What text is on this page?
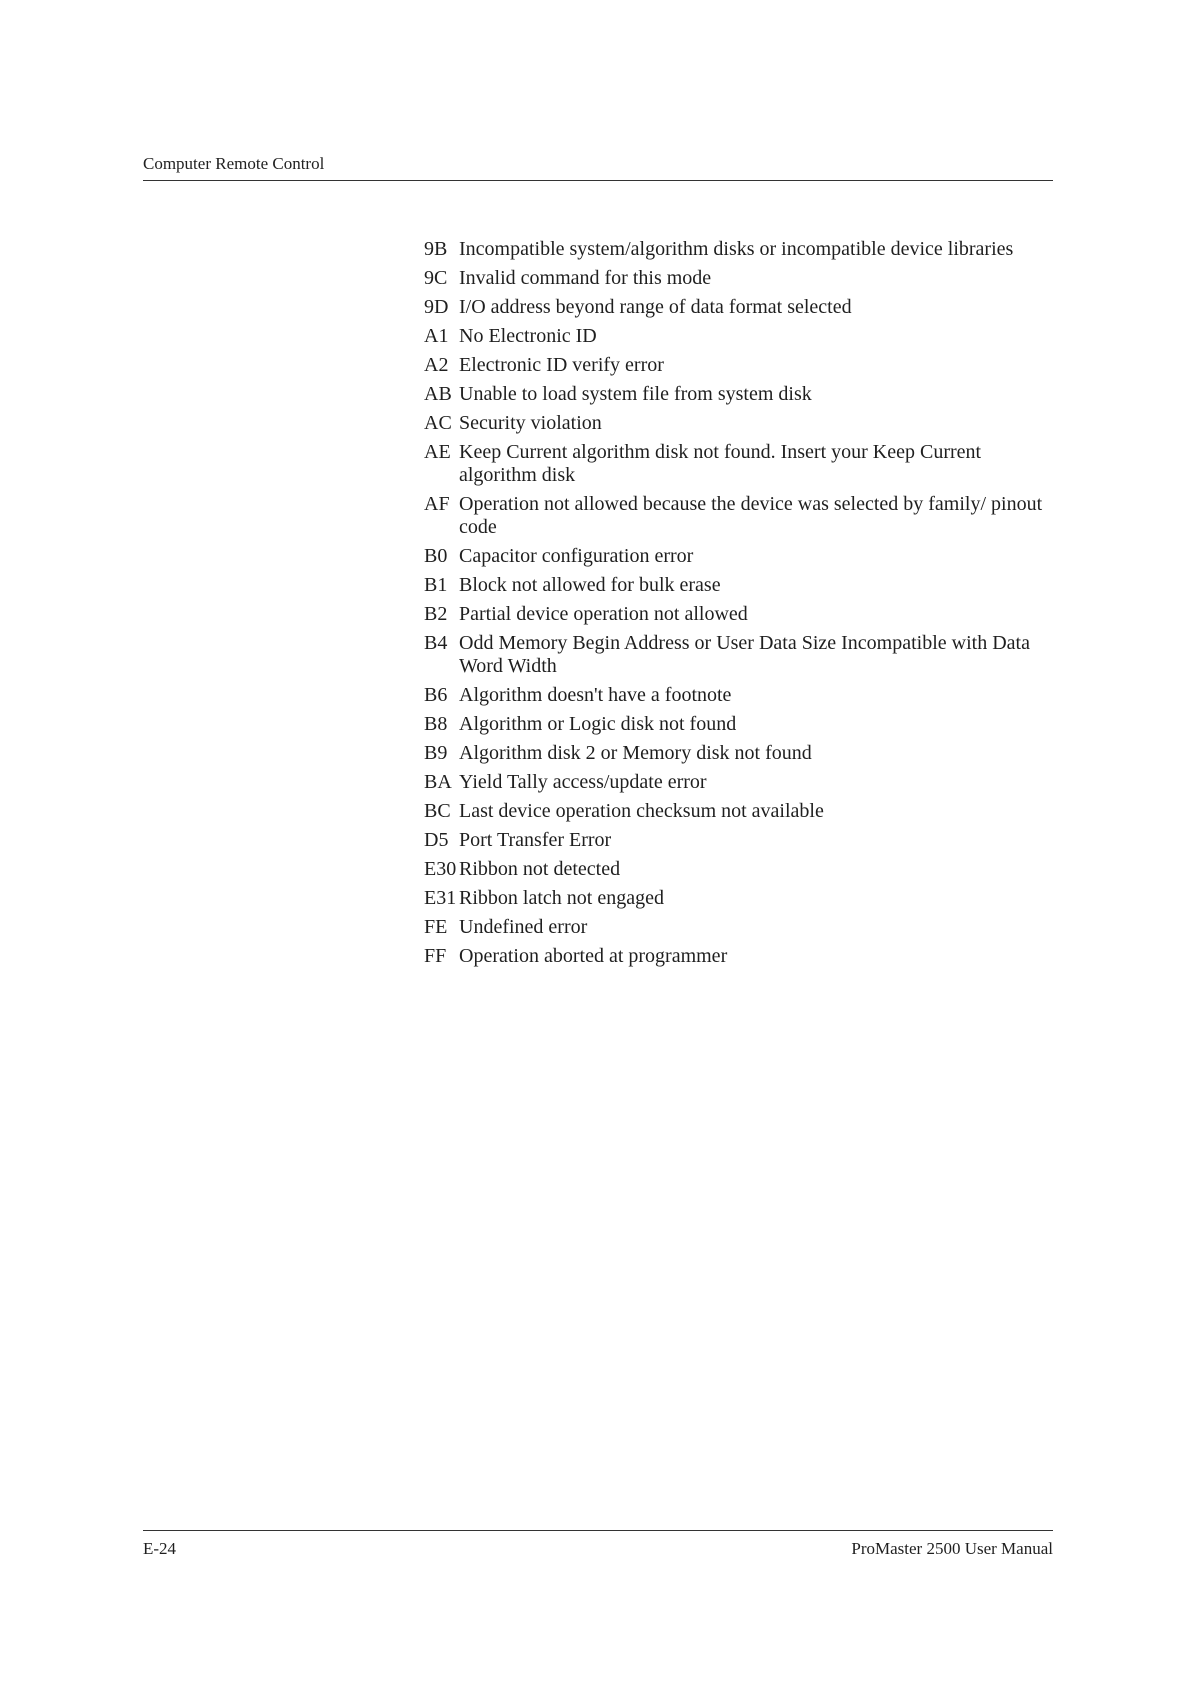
Computer Remote Control
9B Incompatible system/algorithm disks or incompatible device libraries
9C Invalid command for this mode
9D I/O address beyond range of data format selected
A1 No Electronic ID
A2 Electronic ID verify error
AB Unable to load system file from system disk
AC Security violation
AE Keep Current algorithm disk not found. Insert your Keep Current algorithm disk
AF Operation not allowed because the device was selected by family/ pinout code
B0 Capacitor configuration error
B1 Block not allowed for bulk erase
B2 Partial device operation not allowed
B4 Odd Memory Begin Address or User Data Size Incompatible with Data Word Width
B6 Algorithm doesn't have a footnote
B8 Algorithm or Logic disk not found
B9 Algorithm disk 2 or Memory disk not found
BA Yield Tally access/update error
BC Last device operation checksum not available
D5 Port Transfer Error
E30 Ribbon not detected
E31 Ribbon latch not engaged
FE Undefined error
FF Operation aborted at programmer
E-24	ProMaster 2500 User Manual
